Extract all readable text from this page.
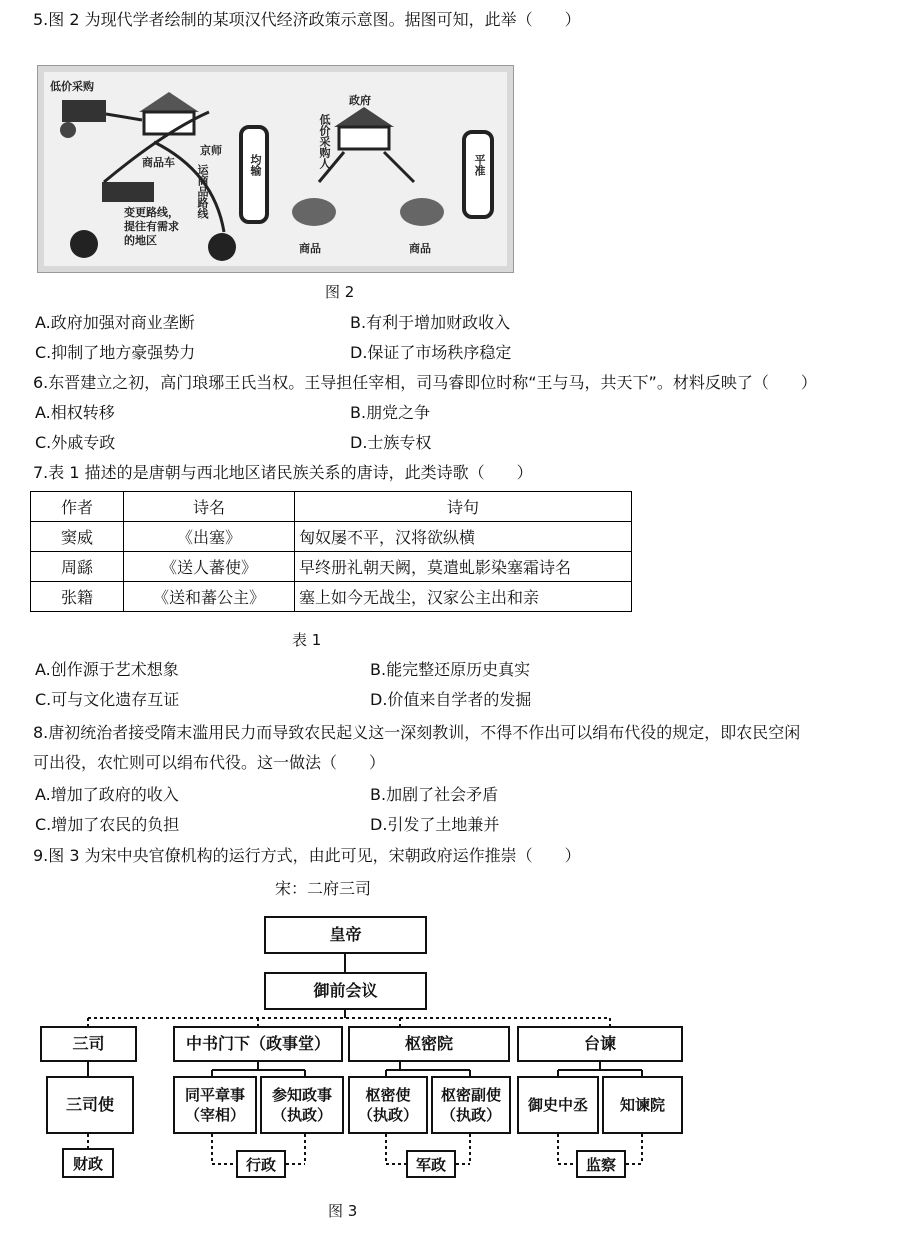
5.图 2 为现代学者绘制的某项汉代经济政策示意图。据图可知，此举（　　）
低价采购
京师
商品车
运商品路线
变更路线，
提往有需求
的地区
均输
政府
低价采购人
商品	商品
平准
图 2
A.政府加强对商业垄断	B.有利于增加财政收入
C.抑制了地方豪强势力	D.保证了市场秩序稳定
6.东晋建立之初，高门琅琊王氏当权。王导担任宰相，司马睿即位时称“王与马，共天下”。材料反映了（　　）
A.相权转移	B.朋党之争
C.外戚专政	D.士族专权
7.表 1 描述的是唐朝与西北地区诸民族关系的唐诗，此类诗歌（　　）
作者	诗名	诗句
窦威	《出塞》	匈奴屡不平，汉将欲纵横
周繇	《送人蕃使》	早终册礼朝天阙，莫遣虬影染塞霜诗名
张籍	《送和蕃公主》	塞上如今无战尘，汉家公主出和亲
表 1
A.创作源于艺术想象	B.能完整还原历史真实
C.可与文化遗存互证	D.价值来自学者的发掘
8.唐初统治者接受隋末滥用民力而导致农民起义这一深刻教训，不得不作出可以绢布代役的规定，即农民空闲
可出役，农忙则可以绢布代役。这一做法（　　）
A.增加了政府的收入	B.加剧了社会矛盾
C.增加了农民的负担	D.引发了土地兼并
9.图 3 为宋中央官僚机构的运行方式，由此可见，宋朝政府运作推崇（　　）
宋：二府三司
皇帝
御前会议
三司	中书门下（政事堂）	枢密院	台谏
三司使	同平章事
（宰相）
参知政事
（执政）
枢密使
（执政）
枢密副使
（执政）
御史中丞	知谏院
财政	行政	军政	监察
图 3
